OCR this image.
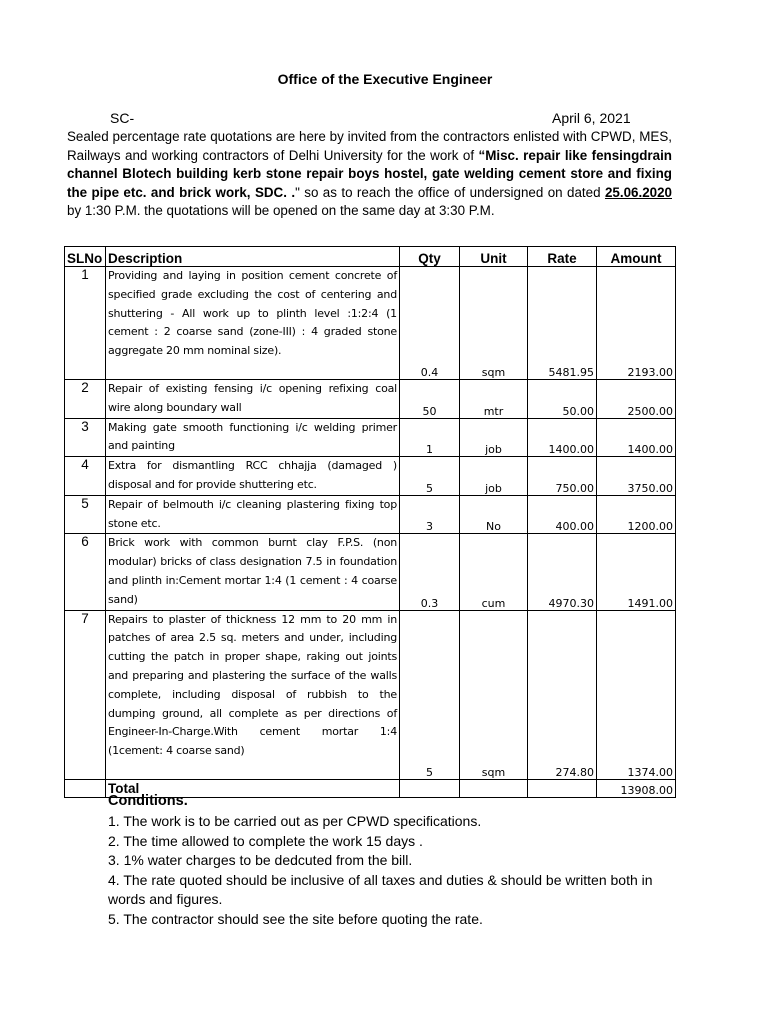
Office of the Executive Engineer
SC-	April 6, 2021
Sealed percentage rate quotations are here by invited from the contractors enlisted with CPWD, MES, Railways and working contractors of Delhi University for the work of “Misc. repair like fensingdrain channel Blotech building kerb stone repair boys hostel, gate welding cement store and fixing the pipe etc. and brick work, SDC. ." so as to reach the office of undersigned on dated 25.06.2020 by 1:30 P.M. the quotations will be opened on the same day at 3:30 P.M.
SLNo	Description	Qty	Unit	Rate	Amount
1	Providing and laying in position cement concrete of specified grade excluding the cost of centering and shuttering - All work up to plinth level :1:2:4 (1 cement : 2 coarse sand (zone-III) : 4 graded stone aggregate 20 mm nominal size).	0.4	sqm	5481.95	2193.00
2	Repair of existing fensing i/c opening refixing coal wire along boundary wall	50	mtr	50.00	2500.00
3	Making gate smooth functioning i/c welding primer and painting	1	job	1400.00	1400.00
4	Extra for dismantling RCC chhajja (damaged ) disposal and for provide shuttering etc.	5	job	750.00	3750.00
5	Repair of belmouth i/c cleaning plastering fixing top stone etc.	3	No	400.00	1200.00
6	Brick work with common burnt clay F.P.S. (non modular) bricks of class designation 7.5 in foundation and plinth in:Cement mortar 1:4 (1 cement : 4 coarse sand)	0.3	cum	4970.30	1491.00
7	Repairs to plaster of thickness 12 mm to 20 mm in patches of area 2.5 sq. meters and under, including cutting the patch in proper shape, raking out joints and preparing and plastering the surface of the walls complete, including disposal of rubbish to the dumping ground, all complete as per directions of Engineer-In-Charge.With cement mortar 1:4 (1cement: 4 coarse sand)	5	sqm	274.80	1374.00
	Total				13908.00
Conditions.
1. The work is to be carried out as per CPWD specifications.
2. The time allowed to complete the work 15 days .
3. 1% water charges to be dedcuted from the bill.
4. The rate quoted should be inclusive of all taxes and duties & should be written both in words and figures.
5. The contractor should see the site before quoting the rate.
